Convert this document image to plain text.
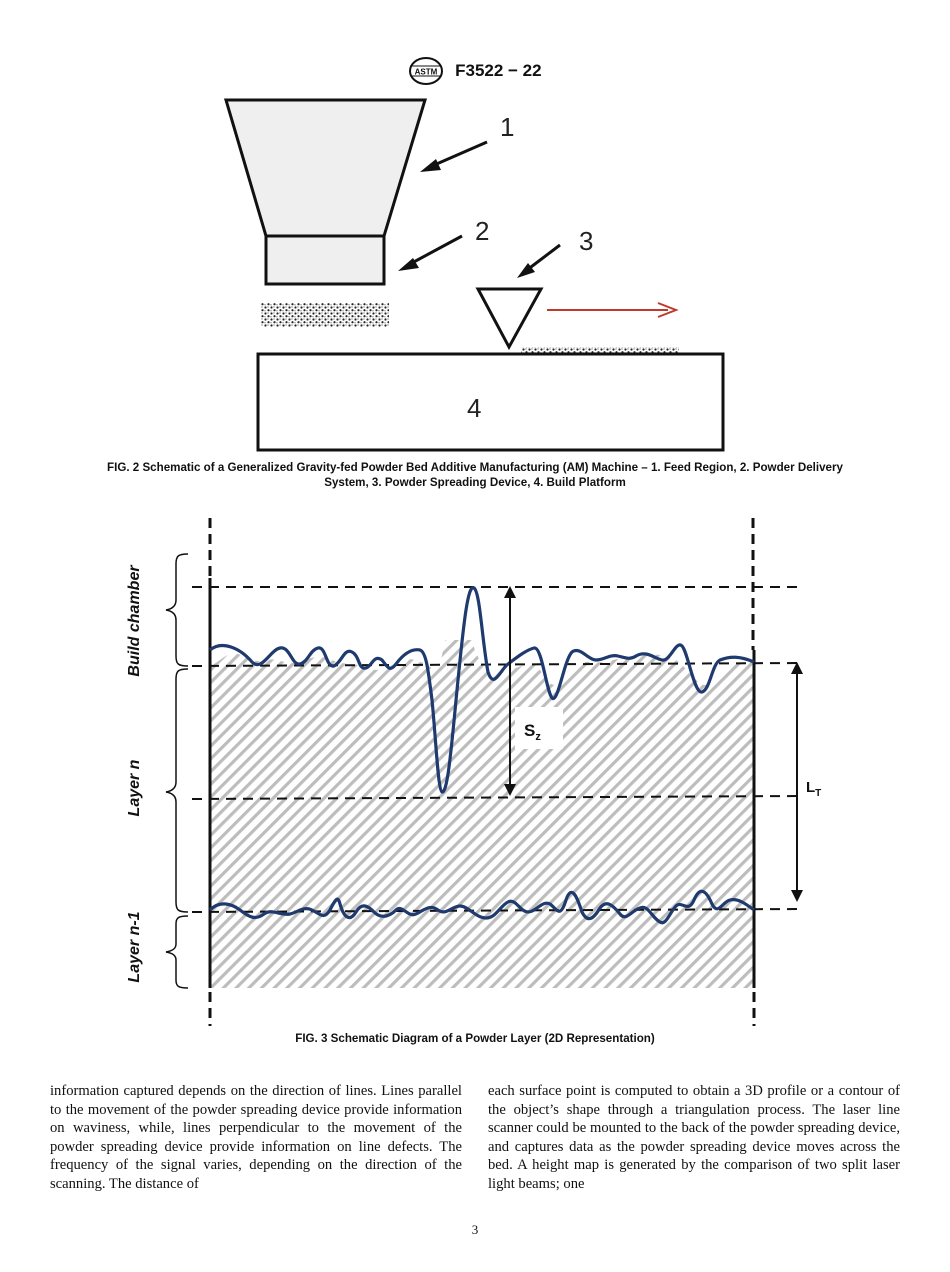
ASTM F3522 − 22
1
2	3
4
FIG. 2 Schematic of a Generalized Gravity-fed Powder Bed Additive Manufacturing (AM) Machine – 1. Feed Region, 2. Powder Delivery
System, 3. Powder Spreading Device, 4. Build Platform
$S_z$
$L_T$
Build chamber
Layer n
Layer n-1
FIG. 3 Schematic Diagram of a Powder Layer (2D Representation)
information captured depends on the direction of lines. Lines parallel to the movement of the powder spreading device provide information on waviness, while, lines perpendicular to the movement of the powder spreading device provide information on line defects. The frequency of the signal varies, depending on the direction of the scanning. The distance of
each surface point is computed to obtain a 3D profile or a contour of the object’s shape through a triangulation process. The laser line scanner could be mounted to the back of the powder spreading device, and captures data as the powder spreading device moves across the bed. A height map is generated by the comparison of two split laser light beams; one
3
